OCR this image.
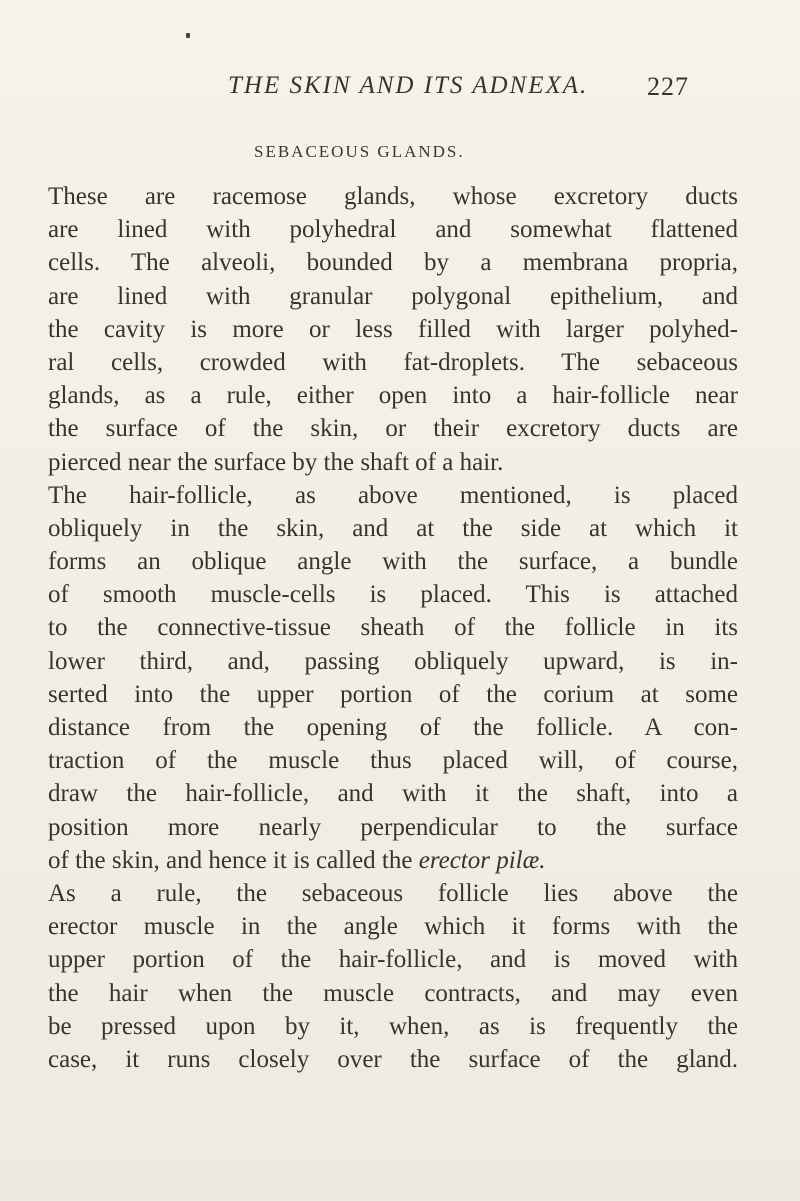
THE SKIN AND ITS ADNEXA. 227
SEBACEOUS GLANDS.
These are racemose glands, whose excretory ducts
are lined with polyhedral and somewhat flattened
cells. The alveoli, bounded by a membrana propria,
are lined with granular polygonal epithelium, and
the cavity is more or less filled with larger polyhed-
ral cells, crowded with fat-droplets. The sebaceous
glands, as a rule, either open into a hair-follicle near
the surface of the skin, or their excretory ducts are
pierced near the surface by the shaft of a hair.
The hair-follicle, as above mentioned, is placed
obliquely in the skin, and at the side at which it
forms an oblique angle with the surface, a bundle
of smooth muscle-cells is placed. This is attached
to the connective-tissue sheath of the follicle in its
lower third, and, passing obliquely upward, is in-
serted into the upper portion of the corium at some
distance from the opening of the follicle. A con-
traction of the muscle thus placed will, of course,
draw the hair-follicle, and with it the shaft, into a
position more nearly perpendicular to the surface
of the skin, and hence it is called the erector pilæ.
As a rule, the sebaceous follicle lies above the
erector muscle in the angle which it forms with the
upper portion of the hair-follicle, and is moved with
the hair when the muscle contracts, and may even
be pressed upon by it, when, as is frequently the
case, it runs closely over the surface of the gland.
